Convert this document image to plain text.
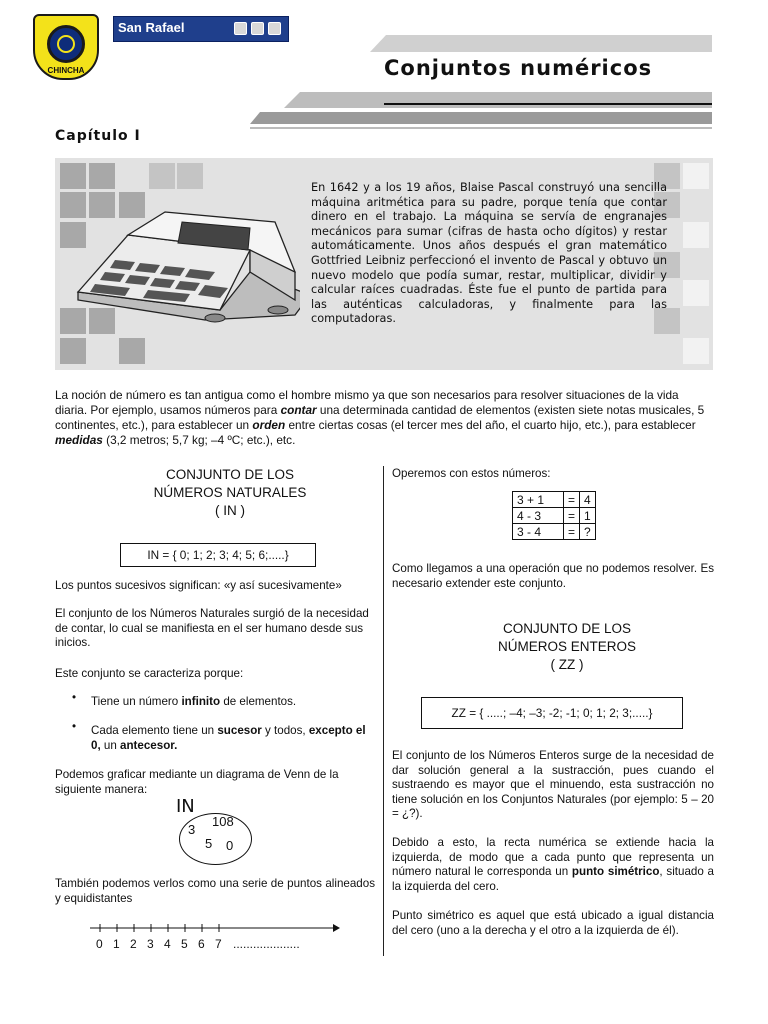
CHINCHA
San Rafael
Conjuntos numéricos
Capítulo I
En 1642 y a los 19 años, Blaise Pascal construyó una sencilla máquina aritmética para su padre, porque tenía que contar dinero en el trabajo. La máquina se servía de engranajes mecánicos para sumar (cifras de hasta ocho dígitos) y restar automáticamente. Unos años después el gran matemático Gottfried Leibniz perfeccionó el invento de Pascal y obtuvo un nuevo modelo que podía sumar, restar, multiplicar, dividir y calcular raíces cuadradas. Éste fue el punto de partida para las auténticas calculadoras, y finalmente para las computadoras.
La noción de número es tan antigua como el hombre mismo ya que son necesarios para resolver situaciones de la vida diaria. Por ejemplo, usamos números para contar una determinada cantidad de elementos (existen siete notas musicales, 5 continentes, etc.), para establecer un orden entre ciertas cosas (el tercer mes del año, el cuarto hijo, etc.), para establecer medidas (3,2 metros; 5,7 kg; –4 ºC; etc.), etc.
CONJUNTO DE LOS
NÚMEROS NATURALES
( IN )
IN = { 0; 1; 2; 3; 4; 5; 6;.....}
Los puntos sucesivos significan: «y así sucesivamente»
El conjunto de los Números Naturales surgió de la necesidad de contar, lo cual se manifiesta en el ser humano desde sus inicios.
Este conjunto se caracteriza porque:
• Tiene un número infinito de elementos.
• Cada elemento tiene un sucesor y todos, excepto el 0, un antecesor.
Podemos graficar mediante un diagrama de Venn de la siguiente manera:
IN
3
108
5 0
También podemos verlos como una serie de puntos alineados y equidistantes
0 1 2 3 4 5 6 7 ....................
Operemos con estos números:
3 + 1	=	4
4 - 3	=	1
3 - 4	=	?
Como llegamos a una operación que no podemos resolver. Es necesario extender este conjunto.
CONJUNTO DE LOS
NÚMEROS ENTEROS
( ZZ )
ZZ = { .....; –4; –3; -2; -1; 0; 1; 2; 3;.....}
El conjunto de los Números Enteros surge de la necesidad de dar solución general a la sustracción, pues cuando el sustraendo es mayor que el minuendo, esta sustracción no tiene solución en los Conjuntos Naturales (por ejemplo: 5 – 20 = ¿?).
Debido a esto, la recta numérica se extiende hacia la izquierda, de modo que a cada punto que representa un número natural le corresponda un punto simétrico, situado a la izquierda del cero.
Punto simétrico es aquel que está ubicado a igual distancia del cero (uno a la derecha y el otro a la izquierda de él).
